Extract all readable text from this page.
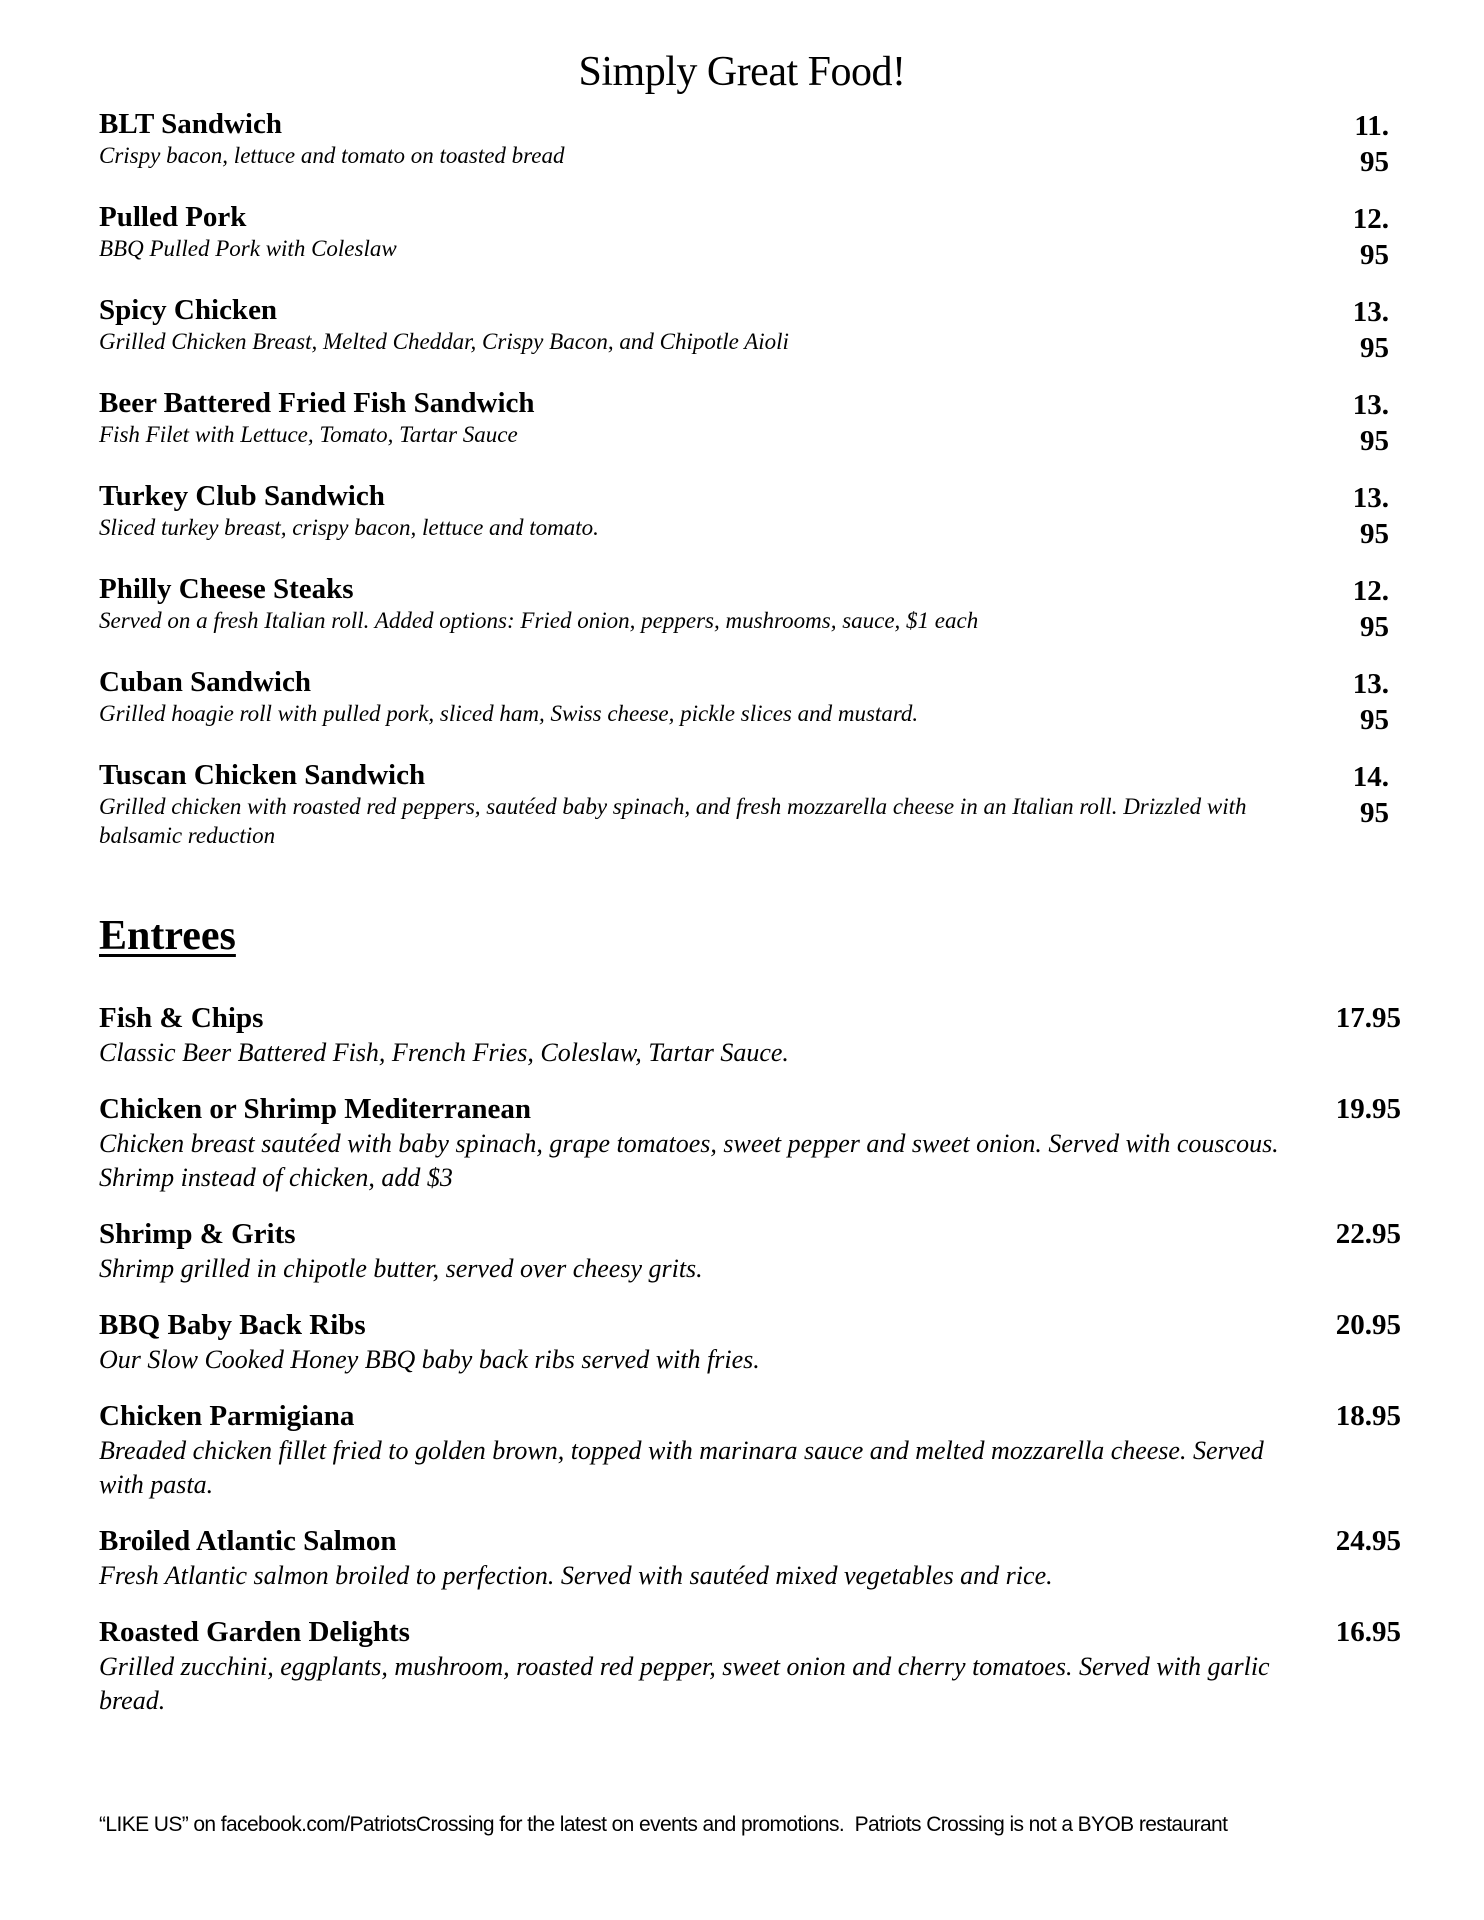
Simply Great Food!
BLT Sandwich
Crispy bacon, lettuce and tomato on toasted bread
11.
95
Pulled Pork
BBQ Pulled Pork with Coleslaw
12.
95
Spicy Chicken
Grilled Chicken Breast, Melted Cheddar, Crispy Bacon, and Chipotle Aioli
13.
95
Beer Battered Fried Fish Sandwich
Fish Filet with Lettuce, Tomato, Tartar Sauce
13.
95
Turkey Club Sandwich
Sliced turkey breast, crispy bacon, lettuce and tomato.
13.
95
Philly Cheese Steaks
Served on a fresh Italian roll. Added options: Fried onion, peppers, mushrooms, sauce, $1 each
12.
95
Cuban Sandwich
Grilled hoagie roll with pulled pork, sliced ham, Swiss cheese, pickle slices and mustard.
13.
95
Tuscan Chicken Sandwich
Grilled chicken with roasted red peppers, sautéed baby spinach, and fresh mozzarella cheese in an Italian roll. Drizzled with balsamic reduction
14.
95
Entrees
Fish & Chips
Classic Beer Battered Fish, French Fries, Coleslaw, Tartar Sauce.
17.95
Chicken or Shrimp Mediterranean
Chicken breast sautéed with baby spinach, grape tomatoes, sweet pepper and sweet onion. Served with couscous.
Shrimp instead of chicken, add $3
19.95
Shrimp & Grits
Shrimp grilled in chipotle butter, served over cheesy grits.
22.95
BBQ Baby Back Ribs
Our Slow Cooked Honey BBQ baby back ribs served with fries.
20.95
Chicken Parmigiana
Breaded chicken fillet fried to golden brown, topped with marinara sauce and melted mozzarella cheese. Served with pasta.
18.95
Broiled Atlantic Salmon
Fresh Atlantic salmon broiled to perfection. Served with sautéed mixed vegetables and rice.
24.95
Roasted Garden Delights
Grilled zucchini, eggplants, mushroom, roasted red pepper, sweet onion and cherry tomatoes. Served with garlic bread.
16.95
“LIKE US” on facebook.com/PatriotsCrossing for the latest on events and promotions.  Patriots Crossing is not a BYOB restaurant
